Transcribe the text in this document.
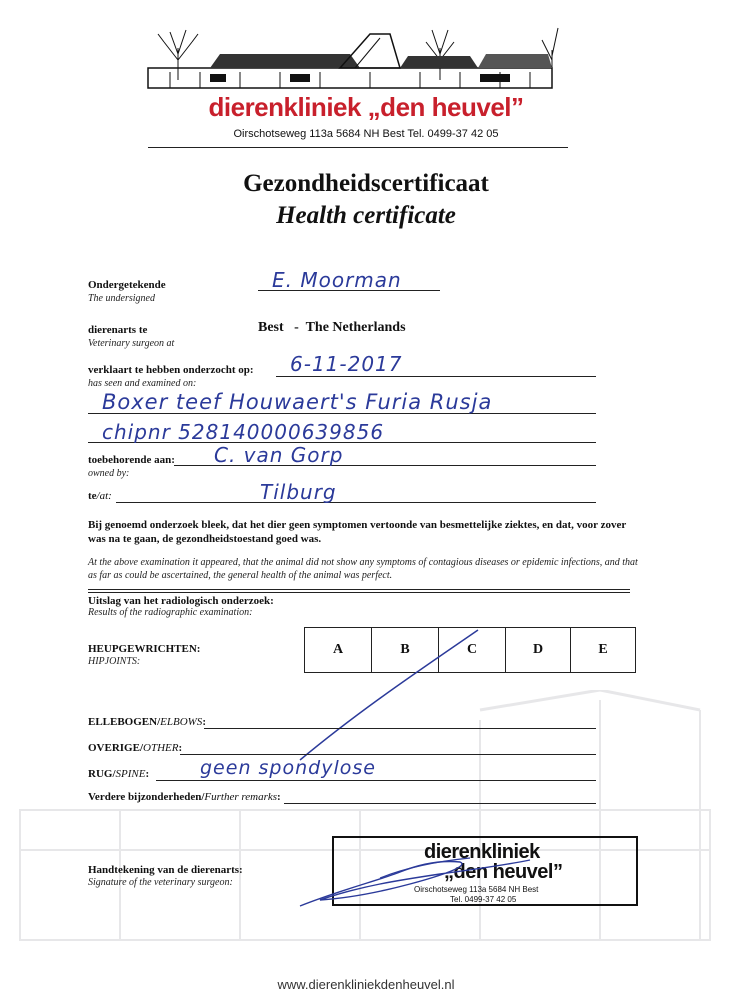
dierenkliniek „den heuvel”
Oirschotseweg 113a 5684 NH Best Tel. 0499-37 42 05
Gezondheidscertificaat
Health certificate
Ondergetekende
The undersigned
E. Moorman
dierenarts te
Veterinary surgeon at
Best   -  The Netherlands
verklaart te hebben onderzocht op:
has seen and examined on:
6-11-2017
Boxer teef Houwaert's Furia Rusja
chipnr 528140000639856
toebehorende aan:
owned by:
C. van Gorp
te/at:	Tilburg
Bij genoemd onderzoek bleek, dat het dier geen symptomen vertoonde van besmettelijke ziektes, en dat, voor zover was na te gaan, de gezondheidstoestand goed was.
At the above examination it appeared, that the animal did not show any symptoms of contagious diseases or epidemic infections, and that as far as could be ascertained, the general health of the animal was perfect.
Uitslag van het radiologisch onderzoek:
Results of the radiographic examination:
HEUPGEWRICHTEN:
HIPJOINTS:
A	B	C	D	E
ELLEBOGEN/ELBOWS:
OVERIGE/OTHER:
RUG/SPINE:	geen spondylose
Verdere bijzonderheden/Further remarks:
Handtekening van de dierenarts:
Signature of the veterinary surgeon:
dierenkliniek
„den heuvel”
Oirschotseweg 113a 5684 NH Best
Tel. 0499-37 42 05
www.dierenkliniekdenheuvel.nl
